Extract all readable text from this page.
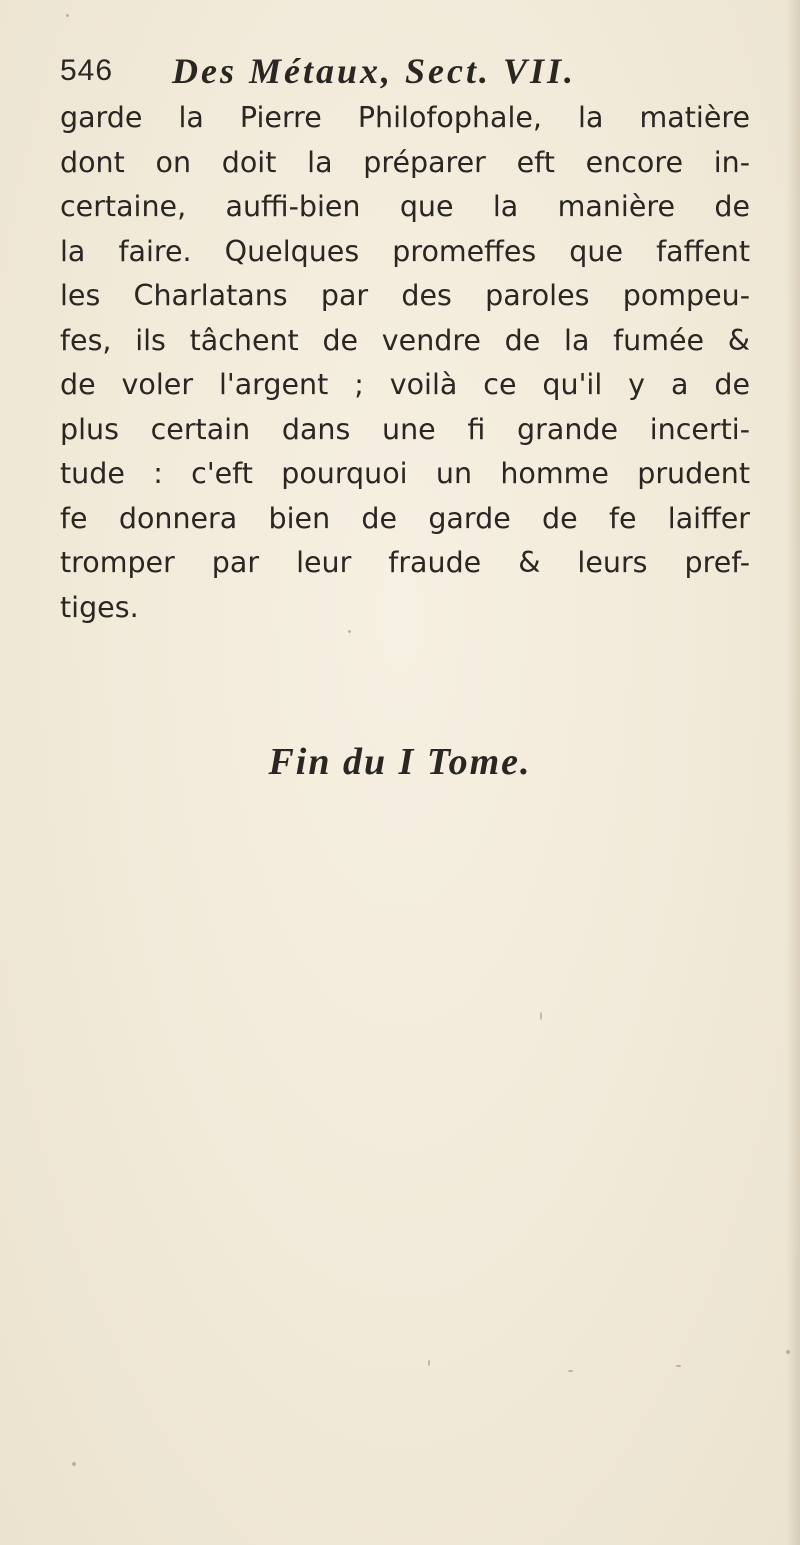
546 Des Métaux, Sect. VII.
garde la Pierre Philofophale, la matière
dont on doit la préparer eft encore in-
certaine, auffi-bien que la manière de
la faire. Quelques promeffes que faffent
les Charlatans par des paroles pompeu-
fes, ils tâchent de vendre de la fumée &
de voler l'argent ; voilà ce qu'il y a de
plus certain dans une fi grande incerti-
tude : c'eft pourquoi un homme prudent
fe donnera bien de garde de fe laiffer
tromper par leur fraude & leurs pref-
tiges.
Fin du I Tome.
